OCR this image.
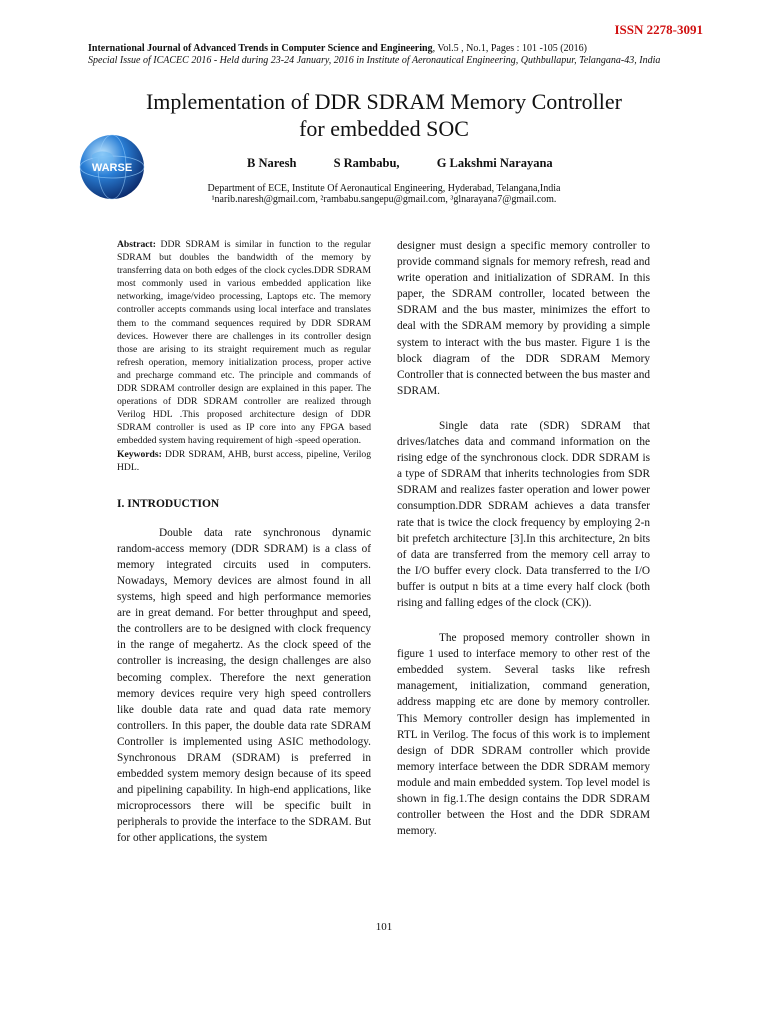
ISSN 2278-3091
International Journal of Advanced Trends in Computer Science and Engineering, Vol.5 , No.1, Pages : 101 -105 (2016)
Special Issue of ICACEC 2016 - Held during 23-24 January, 2016 in Institute of Aeronautical Engineering, Quthbullapur, Telangana-43, India
Implementation of DDR SDRAM Memory Controller
for embedded SOC
WARSE	B Naresh	S Rambabu,	G Lakshmi Narayana
Department of ECE, Institute Of Aeronautical Engineering, Hyderabad, Telangana,India
¹narib.naresh@gmail.com, ²rambabu.sangepu@gmail.com, ³glnarayana7@gmail.com.

Abstract: DDR SDRAM is similar in function to the regular SDRAM but doubles the bandwidth of the memory by transferring data on both edges of the clock cycles.DDR SDRAM most commonly used in various embedded application like networking, image/video processing, Laptops etc. The memory controller accepts commands using local interface and translates them to the command sequences required by DDR SDRAM devices. However there are challenges in its controller design those are arising to its straight requirement much as regular refresh operation, memory initialization process, proper active and precharge command etc. The principle and commands of DDR SDRAM controller design are explained in this paper. The operations of DDR SDRAM controller are realized through Verilog HDL .This proposed architecture design of DDR SDRAM controller is used as IP core into any FPGA based embedded system having requirement of high -speed operation.

Keywords: DDR SDRAM, AHB, burst access, pipeline, Verilog HDL.

I. INTRODUCTION

Double data rate synchronous dynamic random-access memory (DDR SDRAM) is a class of memory integrated circuits used in computers. Nowadays, Memory devices are almost found in all systems, high speed and high performance memories are in great demand. For better throughput and speed, the controllers are to be designed with clock frequency in the range of megahertz. As the clock speed of the controller is increasing, the design challenges are also becoming complex. Therefore the next generation memory devices require very high speed controllers like double data rate and quad data rate memory controllers. In this paper, the double data rate SDRAM Controller is implemented using ASIC methodology. Synchronous DRAM (SDRAM) is preferred in embedded system memory design because of its speed and pipelining capability. In high-end applications, like microprocessors there will be specific built in peripherals to provide the interface to the SDRAM. But for other applications, the system

designer must design a specific memory controller to provide command signals for memory refresh, read and write operation and initialization of SDRAM. In this paper, the SDRAM controller, located between the SDRAM and the bus master, minimizes the effort to deal with the SDRAM memory by providing a simple system to interact with the bus master. Figure 1 is the block diagram of the DDR SDRAM Memory Controller that is connected between the bus master and SDRAM.

Single data rate (SDR) SDRAM that drives/latches data and command information on the rising edge of the synchronous clock. DDR SDRAM is a type of SDRAM that inherits technologies from SDR SDRAM and realizes faster operation and lower power consumption.DDR SDRAM achieves a data transfer rate that is twice the clock frequency by employing 2-n bit prefetch architecture [3].In this architecture, 2n bits of data are transferred from the memory cell array to the I/O buffer every clock. Data transferred to the I/O buffer is output n bits at a time every half clock (both rising and falling edges of the clock (CK)).

The proposed memory controller shown in figure 1 used to interface memory to other rest of the embedded system. Several tasks like refresh management, initialization, command generation, address mapping etc are done by memory controller. This Memory controller design has implemented in RTL in Verilog. The focus of this work is to implement design of DDR SDRAM controller which provide memory interface between the DDR SDRAM memory module and main embedded system. Top level model is shown in fig.1.The design contains the DDR SDRAM controller between the Host and the DDR SDRAM memory.

101
